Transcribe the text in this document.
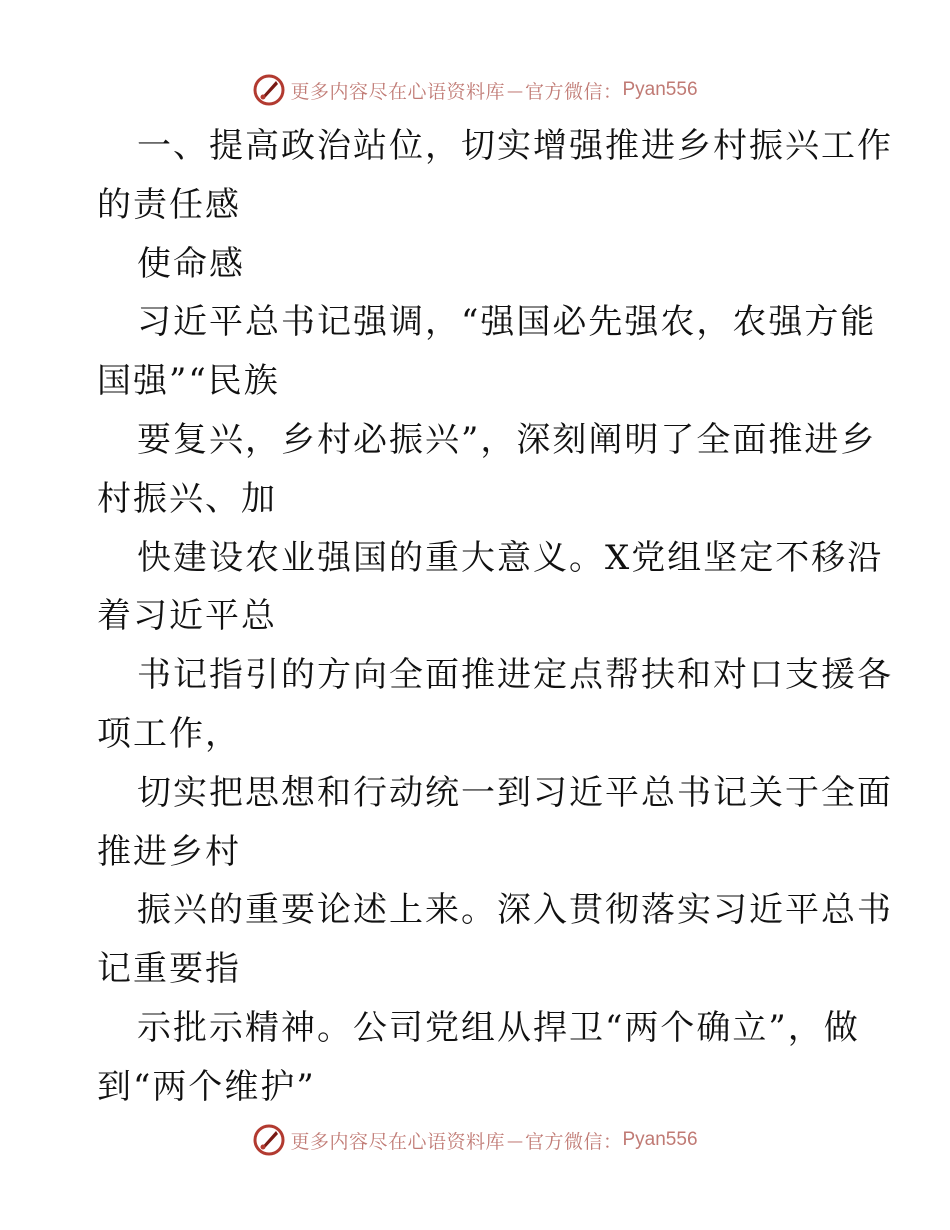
更多内容尽在心语资料库 — 官方微信： Pyan556
一、提高政治站位，切实增强推进乡村振兴工作
的责任感
使命感
习近平总书记强调，“强国必先强农，农强方能
国强”“民族
要复兴，乡村必振兴”，深刻阐明了全面推进乡
村振兴、加
快建设农业强国的重大意义。X党组坚定不移沿
着习近平总
书记指引的方向全面推进定点帮扶和对口支援各
项工作，
切实把思想和行动统一到习近平总书记关于全面
推进乡村
振兴的重要论述上来。深入贯彻落实习近平总书
记重要指
示批示精神。公司党组从捍卫“两个确立”，做
到“两个维护”
更多内容尽在心语资料库 — 官方微信： Pyan556
